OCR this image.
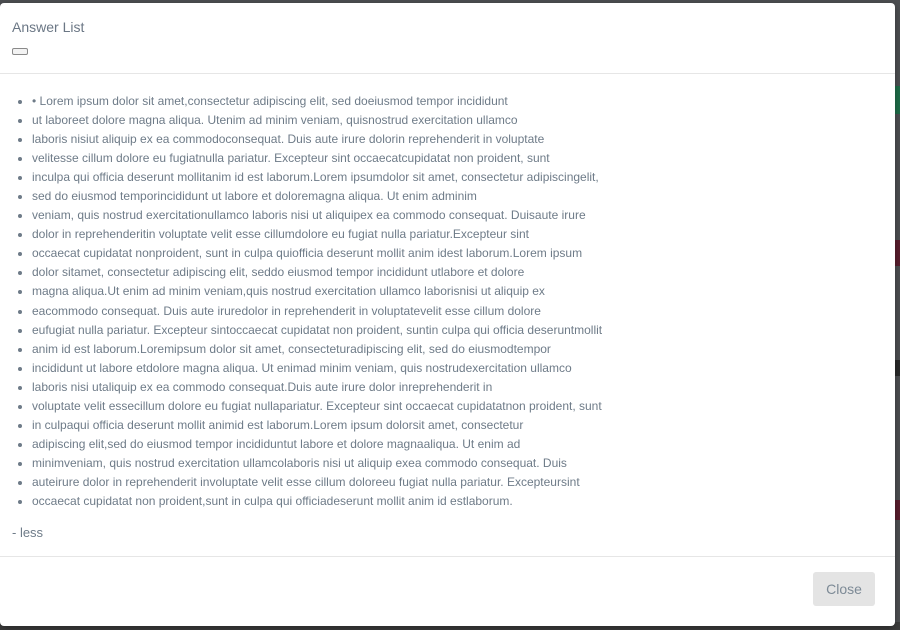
Answer List
• • Lorem ipsum dolor sit amet,consectetur adipiscing elit, sed doeiusmod tempor incididunt
• ut laboreet dolore magna aliqua. Utenim ad minim veniam, quisnostrud exercitation ullamco
• laboris nisiut aliquip ex ea commodoconsequat. Duis aute irure dolorin reprehenderit in voluptate
• velitesse cillum dolore eu fugiatnulla pariatur. Excepteur sint occaecatcupidatat non proident, sunt
• inculpa qui officia deserunt mollitanim id est laborum.Lorem ipsumdolor sit amet, consectetur adipiscingelit,
• sed do eiusmod temporincididunt ut labore et doloremagna aliqua. Ut enim adminim
• veniam, quis nostrud exercitationullamco laboris nisi ut aliquipex ea commodo consequat. Duisaute irure
• dolor in reprehenderitin voluptate velit esse cillumdolore eu fugiat nulla pariatur.Excepteur sint
• occaecat cupidatat nonproident, sunt in culpa quiofficia deserunt mollit anim idest laborum.Lorem ipsum
• dolor sitamet, consectetur adipiscing elit, seddo eiusmod tempor incididunt utlabore et dolore
• magna aliqua.Ut enim ad minim veniam,quis nostrud exercitation ullamco laborisnisi ut aliquip ex
• eacommodo consequat. Duis aute iruredolor in reprehenderit in voluptatevelit esse cillum dolore
• eufugiat nulla pariatur. Excepteur sintoccaecat cupidatat non proident, suntin culpa qui officia deseruntmollit
• anim id est laborum.Loremipsum dolor sit amet, consecteturadipiscing elit, sed do eiusmodtempor
• incididunt ut labore etdolore magna aliqua. Ut enimad minim veniam, quis nostrudexercitation ullamco
• laboris nisi utaliquip ex ea commodo consequat.Duis aute irure dolor inreprehenderit in
• voluptate velit essecillum dolore eu fugiat nullapariatur. Excepteur sint occaecat cupidatatnon proident, sunt
• in culpaqui officia deserunt mollit animid est laborum.Lorem ipsum dolorsit amet, consectetur
• adipiscing elit,sed do eiusmod tempor incididuntut labore et dolore magnaaliqua. Ut enim ad
• minimveniam, quis nostrud exercitation ullamcolaboris nisi ut aliquip exea commodo consequat. Duis
• auteirure dolor in reprehenderit involuptate velit esse cillum doloreeu fugiat nulla pariatur. Excepteursint
• occaecat cupidatat non proident,sunt in culpa qui officiadeserunt mollit anim id estlaborum.
- less
Close
